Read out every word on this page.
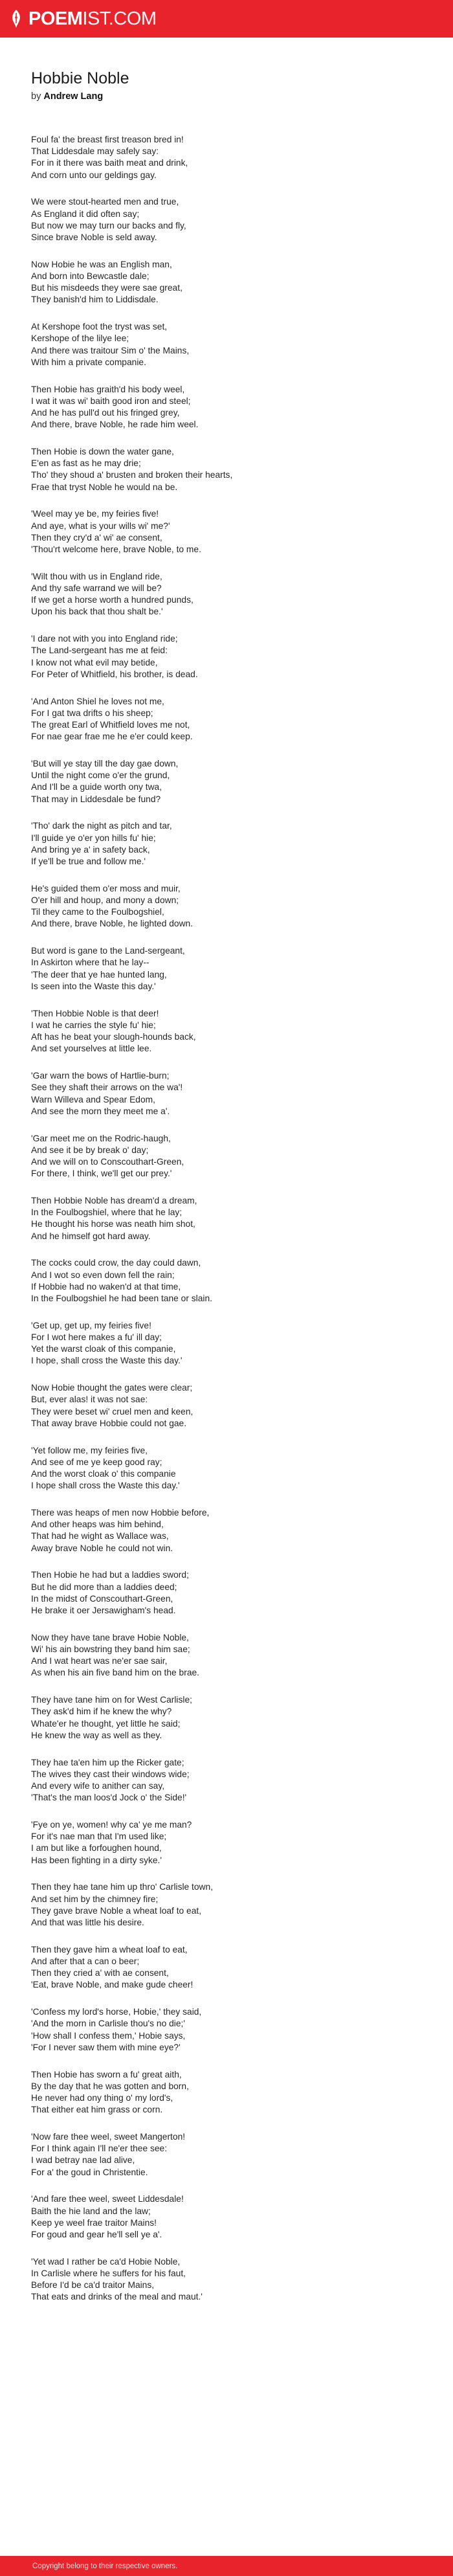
POEMIST.COM
Hobbie Noble

by Andrew Lang

Foul fa' the breast first treason bred in!
That Liddesdale may safely say:
For in it there was baith meat and drink,
And corn unto our geldings gay.
We were stout-hearted men and true,
As England it did often say;
But now we may turn our backs and fly,
Since brave Noble is seld away.
Now Hobie he was an English man,
And born into Bewcastle dale;
But his misdeeds they were sae great,
They banish'd him to Liddisdale.
At Kershope foot the tryst was set,
Kershope of the lilye lee;
And there was traitour Sim o' the Mains,
With him a private companie.
Then Hobie has graith'd his body weel,
I wat it was wi' baith good iron and steel;
And he has pull'd out his fringed grey,
And there, brave Noble, he rade him weel.
Then Hobie is down the water gane,
E'en as fast as he may drie;
Tho' they shoud a' brusten and broken their hearts,
Frae that tryst Noble he would na be.
'Weel may ye be, my feiries five!
And aye, what is your wills wi' me?'
Then they cry'd a' wi' ae consent,
'Thou'rt welcome here, brave Noble, to me.
'Wilt thou with us in England ride,
And thy safe warrand we will be?
If we get a horse worth a hundred punds,
Upon his back that thou shalt be.'
'I dare not with you into England ride;
The Land-sergeant has me at feid:
I know not what evil may betide,
For Peter of Whitfield, his brother, is dead.
'And Anton Shiel he loves not me,
For I gat twa drifts o his sheep;
The great Earl of Whitfield loves me not,
For nae gear frae me he e'er could keep.
'But will ye stay till the day gae down,
Until the night come o'er the grund,
And I'll be a guide worth ony twa,
That may in Liddesdale be fund?
'Tho' dark the night as pitch and tar,
I'll guide ye o'er yon hills fu' hie;
And bring ye a' in safety back,
If ye'll be true and follow me.'
He's guided them o'er moss and muir,
O'er hill and houp, and mony a down;
Til they came to the Foulbogshiel,
And there, brave Noble, he lighted down.
But word is gane to the Land-sergeant,
In Askirton where that he lay--
'The deer that ye hae hunted lang,
Is seen into the Waste this day.'
'Then Hobbie Noble is that deer!
I wat he carries the style fu' hie;
Aft has he beat your slough-hounds back,
And set yourselves at little lee.
'Gar warn the bows of Hartlie-burn;
See they shaft their arrows on the wa'!
Warn Willeva and Spear Edom,
And see the morn they meet me a'.
'Gar meet me on the Rodric-haugh,
And see it be by break o' day;
And we will on to Conscouthart-Green,
For there, I think, we'll get our prey.'
Then Hobbie Noble has dream'd a dream,
In the Foulbogshiel, where that he lay;
He thought his horse was neath him shot,
And he himself got hard away.
The cocks could crow, the day could dawn,
And I wot so even down fell the rain;
If Hobbie had no waken'd at that time,
In the Foulbogshiel he had been tane or slain.
'Get up, get up, my feiries five!
For I wot here makes a fu' ill day;
Yet the warst cloak of this companie,
I hope, shall cross the Waste this day.'
Now Hobie thought the gates were clear;
But, ever alas! it was not sae:
They were beset wi' cruel men and keen,
That away brave Hobbie could not gae.
'Yet follow me, my feiries five,
And see of me ye keep good ray;
And the worst cloak o' this companie
I hope shall cross the Waste this day.'
There was heaps of men now Hobbie before,
And other heaps was him behind,
That had he wight as Wallace was,
Away brave Noble he could not win.
Then Hobie he had but a laddies sword;
But he did more than a laddies deed;
In the midst of Conscouthart-Green,
He brake it oer Jersawigham's head.
Now they have tane brave Hobie Noble,
Wi' his ain bowstring they band him sae;
And I wat heart was ne'er sae sair,
As when his ain five band him on the brae.
They have tane him on for West Carlisle;
They ask'd him if he knew the why?
Whate'er he thought, yet little he said;
He knew the way as well as they.
They hae ta'en him up the Ricker gate;
The wives they cast their windows wide;
And every wife to anither can say,
'That's the man loos'd Jock o' the Side!'
'Fye on ye, women! why ca' ye me man?
For it's nae man that I'm used like;
I am but like a forfoughen hound,
Has been fighting in a dirty syke.'
Then they hae tane him up thro' Carlisle town,
And set him by the chimney fire;
They gave brave Noble a wheat loaf to eat,
And that was little his desire.
Then they gave him a wheat loaf to eat,
And after that a can o beer;
Then they cried a' with ae consent,
'Eat, brave Noble, and make gude cheer!
'Confess my lord's horse, Hobie,' they said,
'And the morn in Carlisle thou's no die;'
'How shall I confess them,' Hobie says,
'For I never saw them with mine eye?'
Then Hobie has sworn a fu' great aith,
By the day that he was gotten and born,
He never had ony thing o' my lord's,
That either eat him grass or corn.
'Now fare thee weel, sweet Mangerton!
For I think again I'll ne'er thee see:
I wad betray nae lad alive,
For a' the goud in Christentie.
'And fare thee weel, sweet Liddesdale!
Baith the hie land and the law;
Keep ye weel frae traitor Mains!
For goud and gear he'll sell ye a'.
'Yet wad I rather be ca'd Hobie Noble,
In Carlisle where he suffers for his faut,
Before I'd be ca'd traitor Mains,
That eats and drinks of the meal and maut.'
Copyright belong to their respective owners.
